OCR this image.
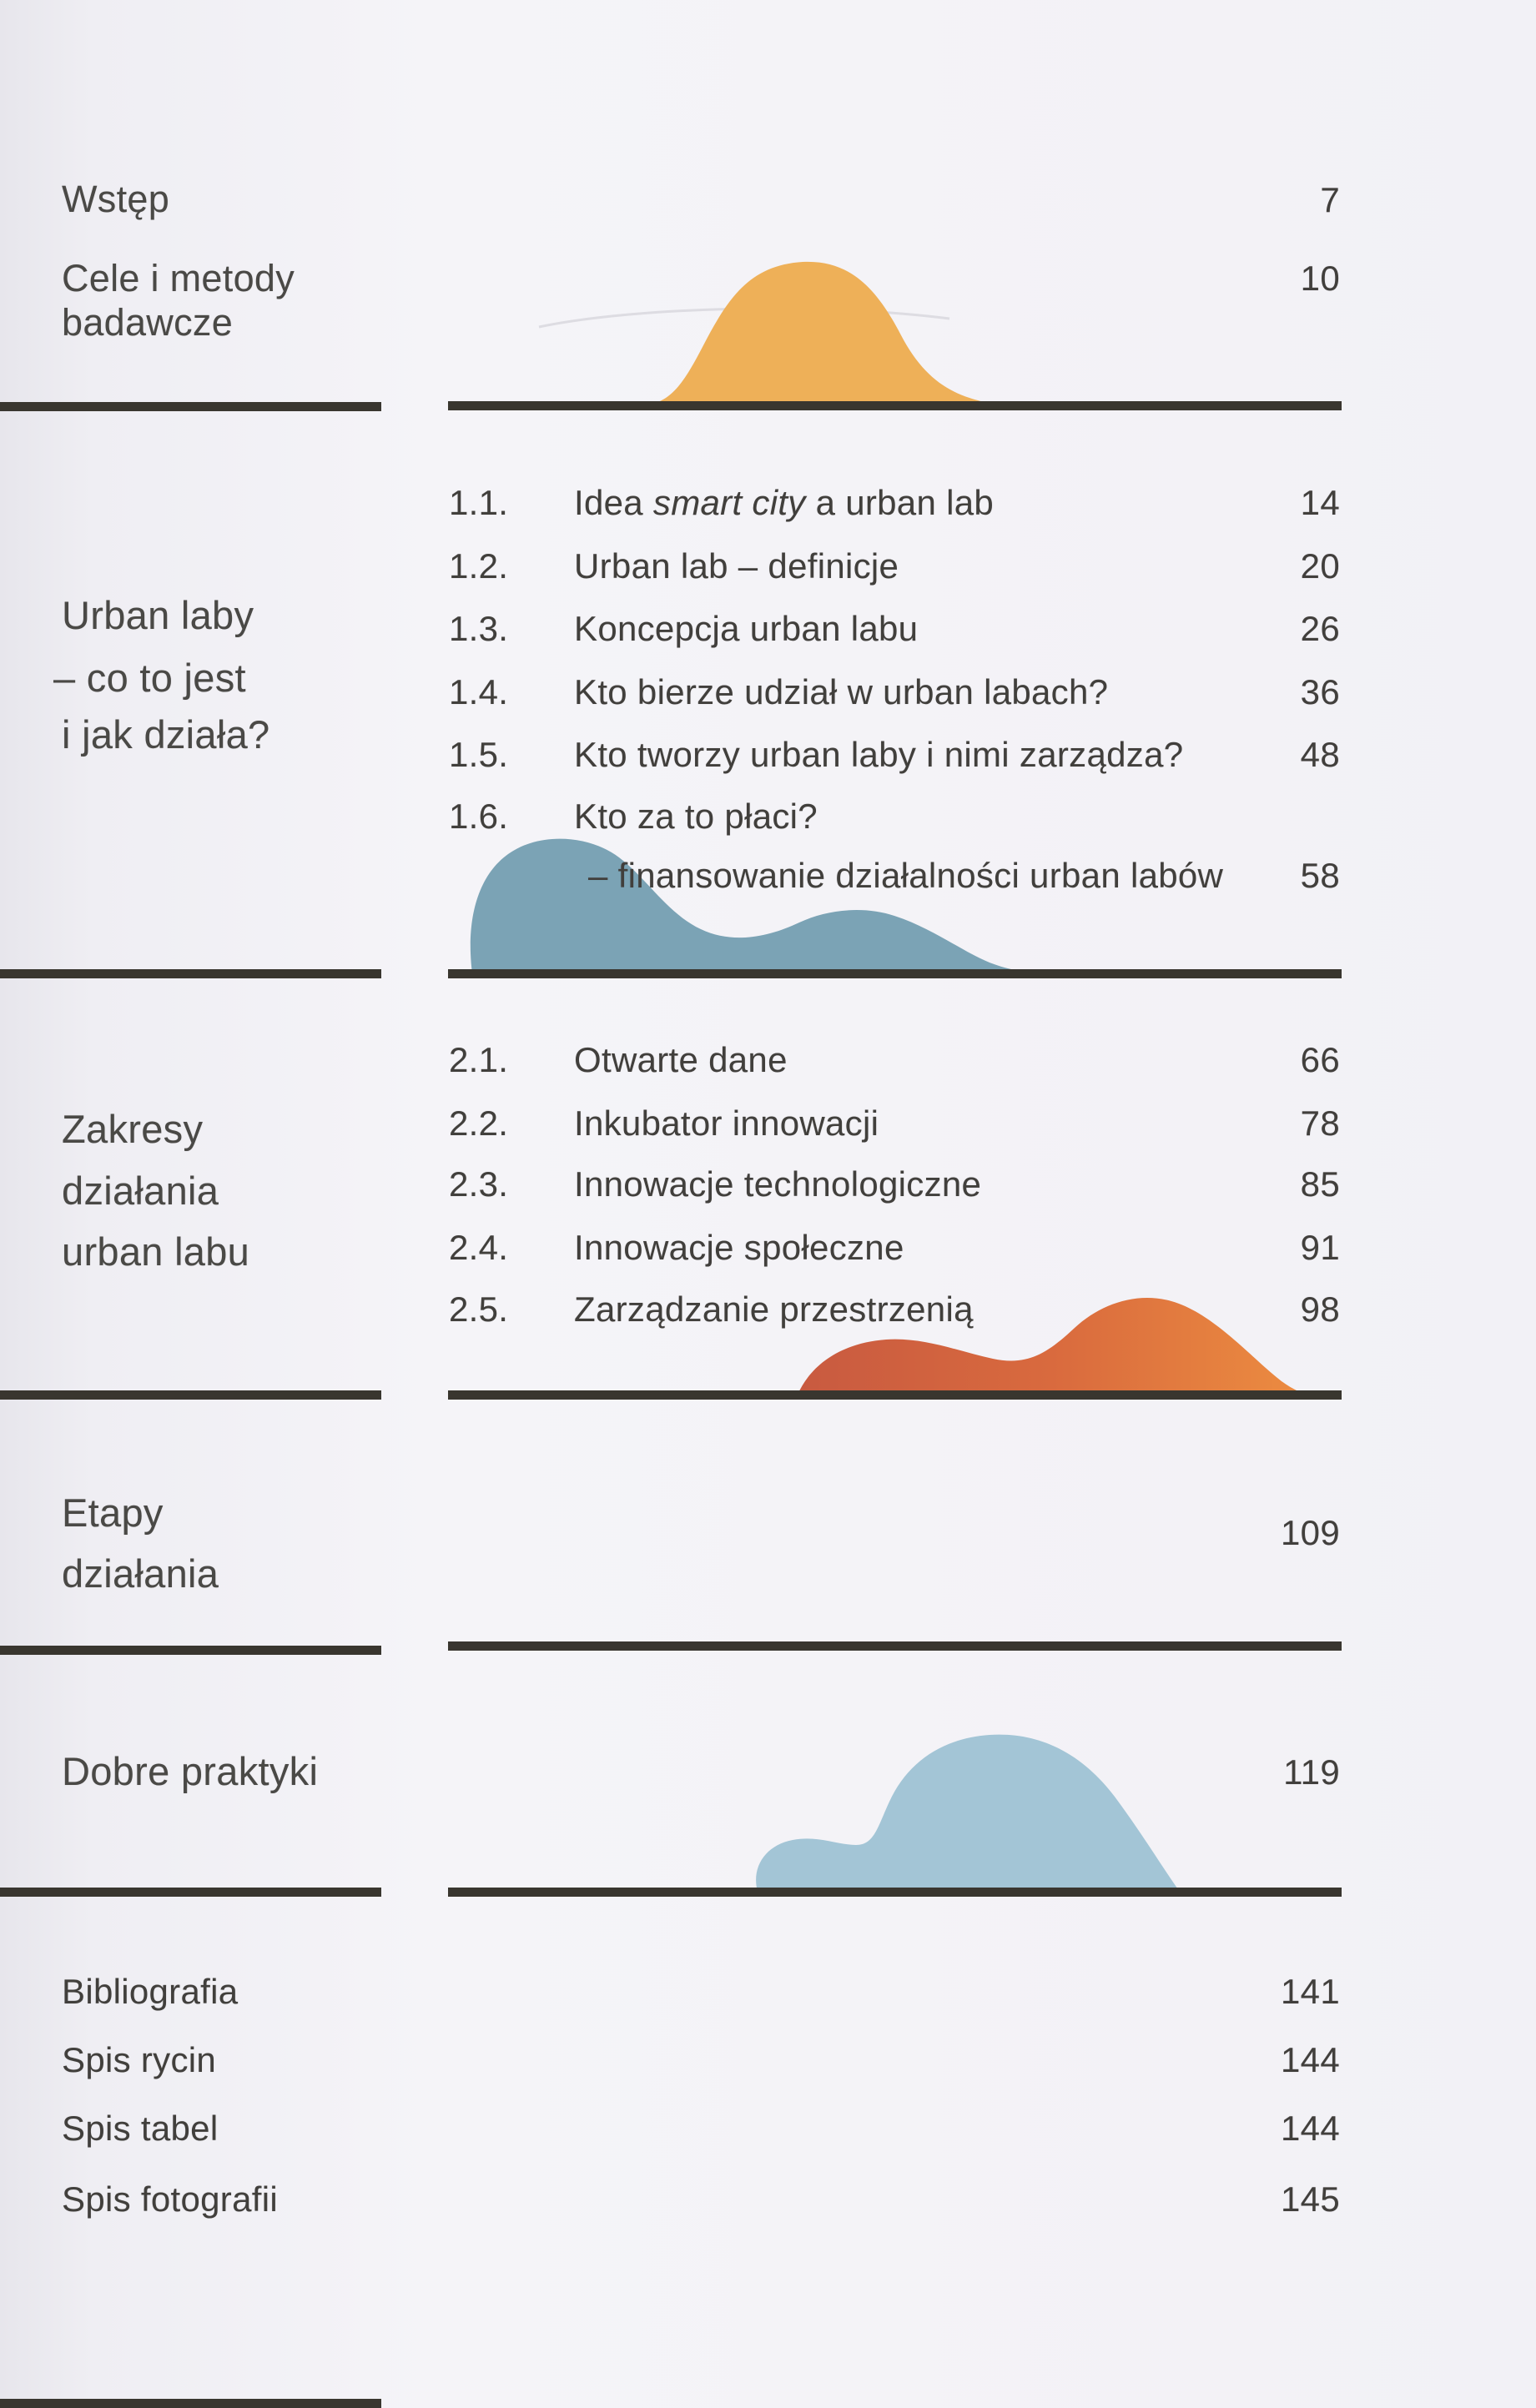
Wstęp	7
Cele i metody
badawcze
10
Urban laby
– co to jest
i jak działa?
1.1. Idea smart city a urban lab	14
1.2. Urban lab – definicje	20
1.3. Koncepcja urban labu	26
1.4. Kto bierze udział w urban labach?	36
1.5. Kto tworzy urban laby i nimi zarządza?	48
1.6. Kto za to płaci?
– finansowanie działalności urban labów 58
Zakresy
działania
urban labu
2.1. Otwarte dane	66
2.2. Inkubator innowacji	78
2.3. Innowacje technologiczne	85
2.4. Innowacje społeczne	91
2.5. Zarządzanie przestrzenią	98
Etapy
działania
109
Dobre praktyki	119
Bibliografia	141
Spis rycin	144
Spis tabel	144
Spis fotografii	145
